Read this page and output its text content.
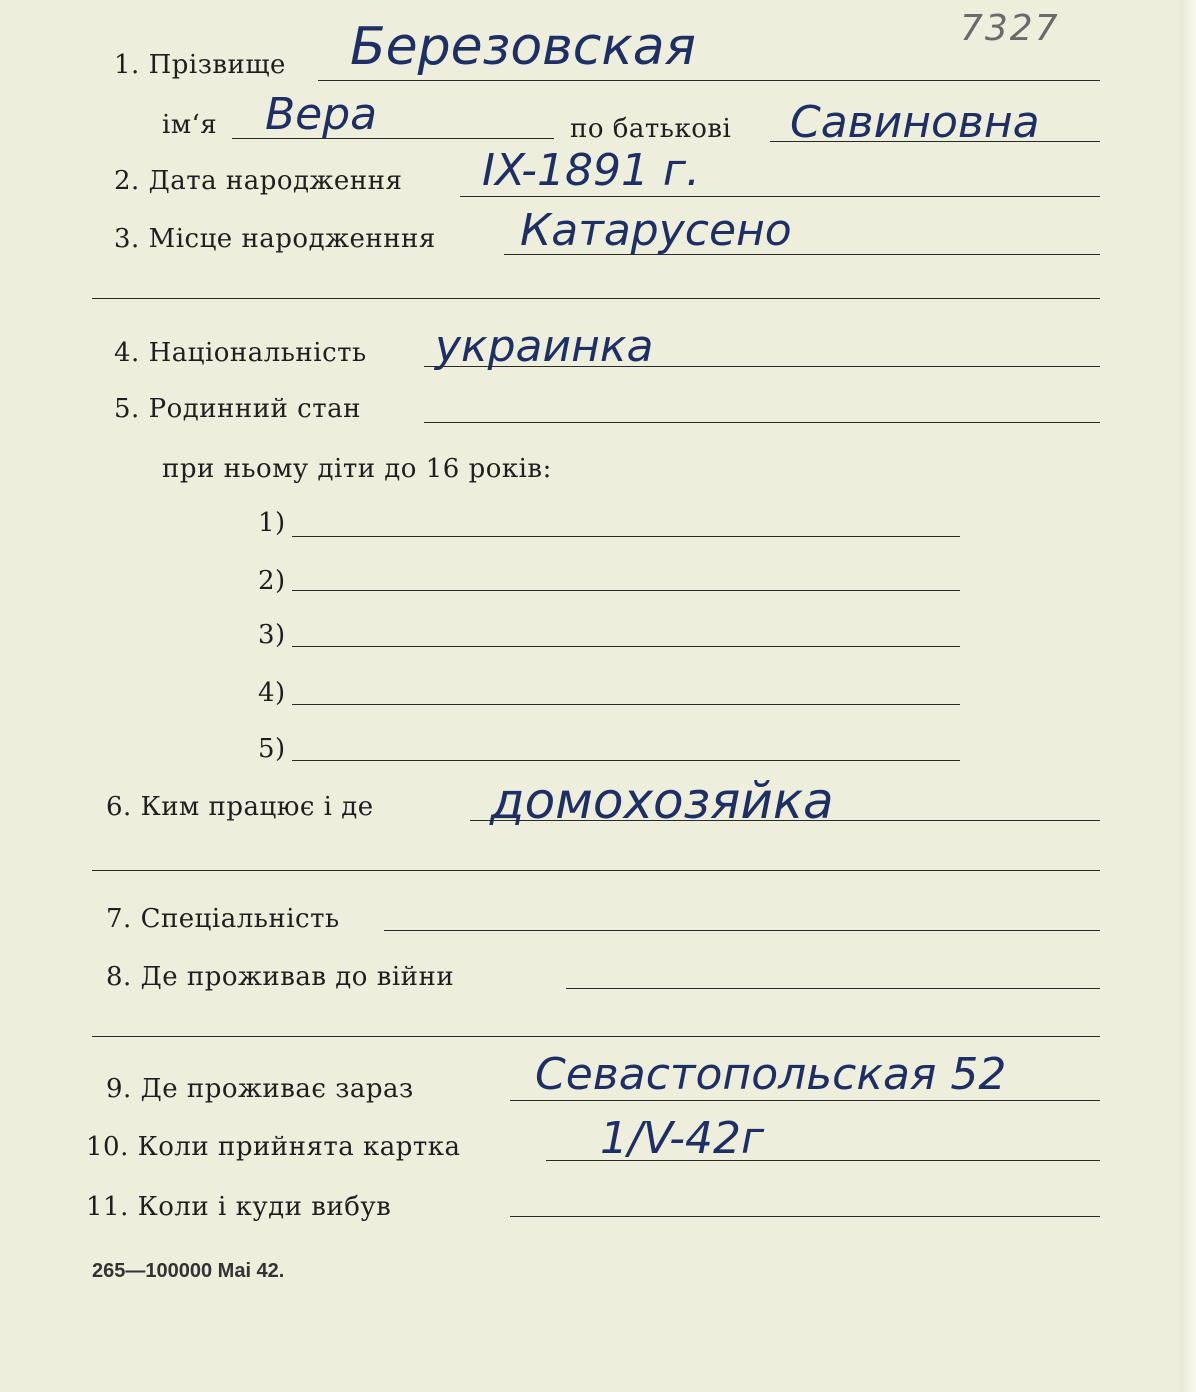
7327
1. Прізвище Березовская
ім‘я Вера	по батькові Савиновна
2. Дата народження IX-1891 г.
3. Місце народженння Катарусено
4. Національність украинка
5. Родинний стан
при ньому діти до 16 років:
1)
2)
3)
4)
5)
6. Ким працює і де домохозяйка
7. Спеціальність
8. Де проживав до війни
9. Де проживає зараз	Севастопольская 52
10. Коли прийнята картка	1/V-42г
11. Коли і куди вибув
265—100000 Mai 42.
